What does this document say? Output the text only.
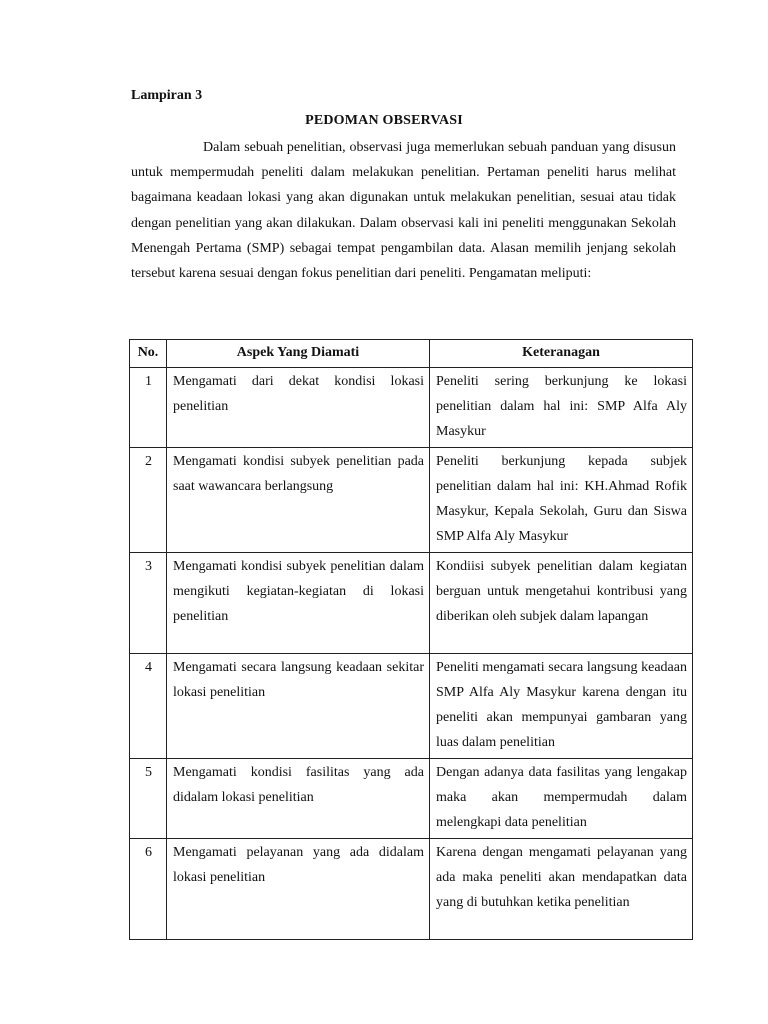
Lampiran 3
PEDOMAN OBSERVASI

Dalam sebuah penelitian, observasi juga memerlukan sebuah panduan yang disusun untuk mempermudah peneliti dalam melakukan penelitian. Pertaman peneliti harus melihat bagaimana keadaan lokasi yang akan digunakan untuk melakukan penelitian, sesuai atau tidak dengan penelitian yang akan dilakukan. Dalam observasi kali ini peneliti menggunakan Sekolah Menengah Pertama (SMP) sebagai tempat pengambilan data. Alasan memilih jenjang sekolah tersebut karena sesuai dengan fokus penelitian dari peneliti. Pengamatan meliputi:

No.	Aspek Yang Diamati	Keteranagan
1	Mengamati dari dekat kondisi lokasi penelitian	Peneliti sering berkunjung ke lokasi penelitian dalam hal ini: SMP Alfa Aly Masykur
2	Mengamati kondisi subyek penelitian pada saat wawancara berlangsung	Peneliti berkunjung kepada subjek penelitian dalam hal ini: KH.Ahmad Rofik Masykur, Kepala Sekolah, Guru dan Siswa SMP Alfa Aly Masykur
3	Mengamati kondisi subyek penelitian dalam mengikuti kegiatan-kegiatan di lokasi penelitian	Kondiisi subyek penelitian dalam kegiatan berguan untuk mengetahui kontribusi yang diberikan oleh subjek dalam lapangan
4	Mengamati secara langsung keadaan sekitar lokasi penelitian	Peneliti mengamati secara langsung keadaan SMP Alfa Aly Masykur karena dengan itu peneliti akan mempunyai gambaran yang luas dalam penelitian
5	Mengamati kondisi fasilitas yang ada didalam lokasi penelitian	Dengan adanya data fasilitas yang lengakap maka akan mempermudah dalam melengkapi data penelitian
6	Mengamati pelayanan yang ada didalam lokasi penelitian	Karena dengan mengamati pelayanan yang ada maka peneliti akan mendapatkan data yang di butuhkan ketika penelitian
